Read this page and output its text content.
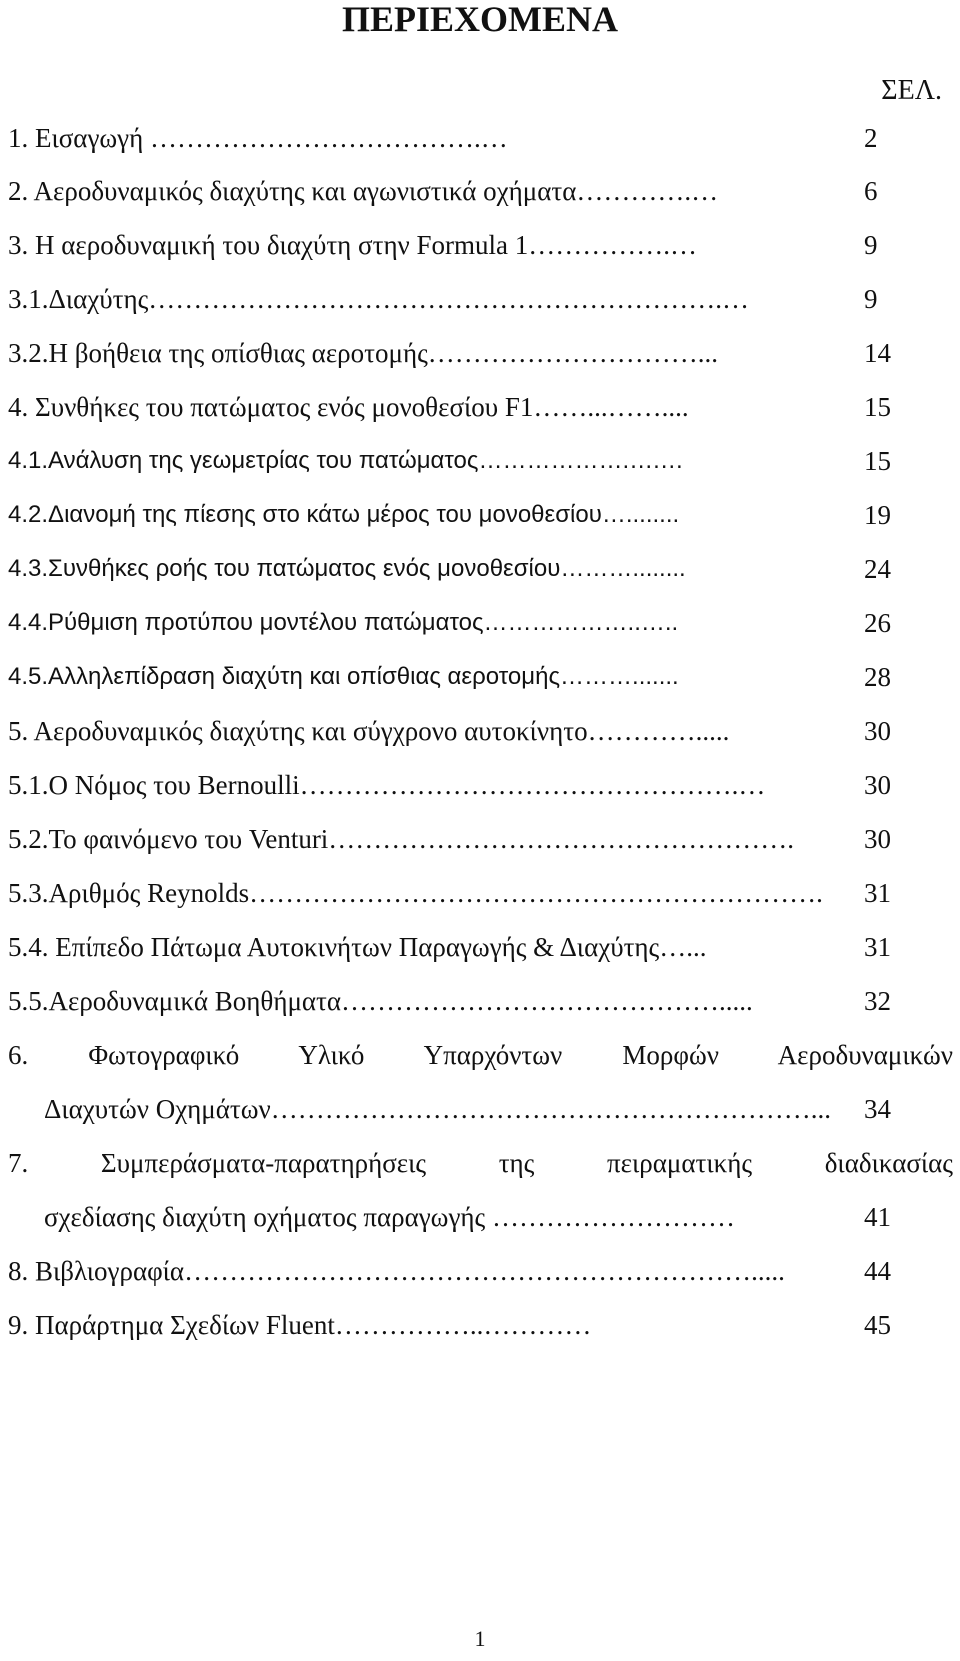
ΠΕΡΙΕΧΟΜΕΝΑ
ΣΕΛ.
1. Εισαγωγή ……………………………….…	2
2. Αεροδυναμικός διαχύτης και αγωνιστικά οχήματα………….…	6
3. Η αεροδυναμική του διαχύτη στην Formula 1…………….…	9
3.1.Διαχύτης……………………………………………………….…	9
3.2.Η βοήθεια της οπίσθιας αεροτομής…………………………...	14
4. Συνθήκες του πατώματος ενός μονοθεσίου F1……...……....	15
4.1.Ανάλυση της γεωμετρίας του πατώματος……………….….…	15
4.2.Διανομή της πίεσης στο κάτω μέρος του μονοθεσίου…........	19
4.3.Συνθήκες ροής του πατώματος ενός μονοθεσίου………........	24
4.4.Ρύθμιση προτύπου μοντέλου πατώματος………………..…..	26
4.5.Αλληλεπίδραση διαχύτη και οπίσθιας αεροτομής……….......	28
5. Αεροδυναμικός διαχύτης και σύγχρονο αυτοκίνητο………….....	30
5.1.Ο Νόμος του Bernoulli………………………………………….…	30
5.2.Το φαινόμενο του Venturi…………………………………………….	30
5.3.Αριθμός Reynolds……………………………………………………….	31
5.4. Επίπεδο Πάτωμα Αυτοκινήτων Παραγωγής & Διαχύτης…...	31
5.5.Αεροδυναμικά Βοηθήματα…………………………………….....	32
6. Φωτογραφικό Υλικό Υπαρχόντων Μορφών Αεροδυναμικών
Διαχυτών Οχημάτων……………………………………………………...	34
7. Συμπεράσματα-παρατηρήσεις της πειραματικής διαδικασίας
σχεδίασης διαχύτη οχήματος παραγωγής ………………………	41
8. Βιβλιογραφία……………………………………………………….....	44
9. Παράρτημα Σχεδίων Fluent……………..…………	45
1
